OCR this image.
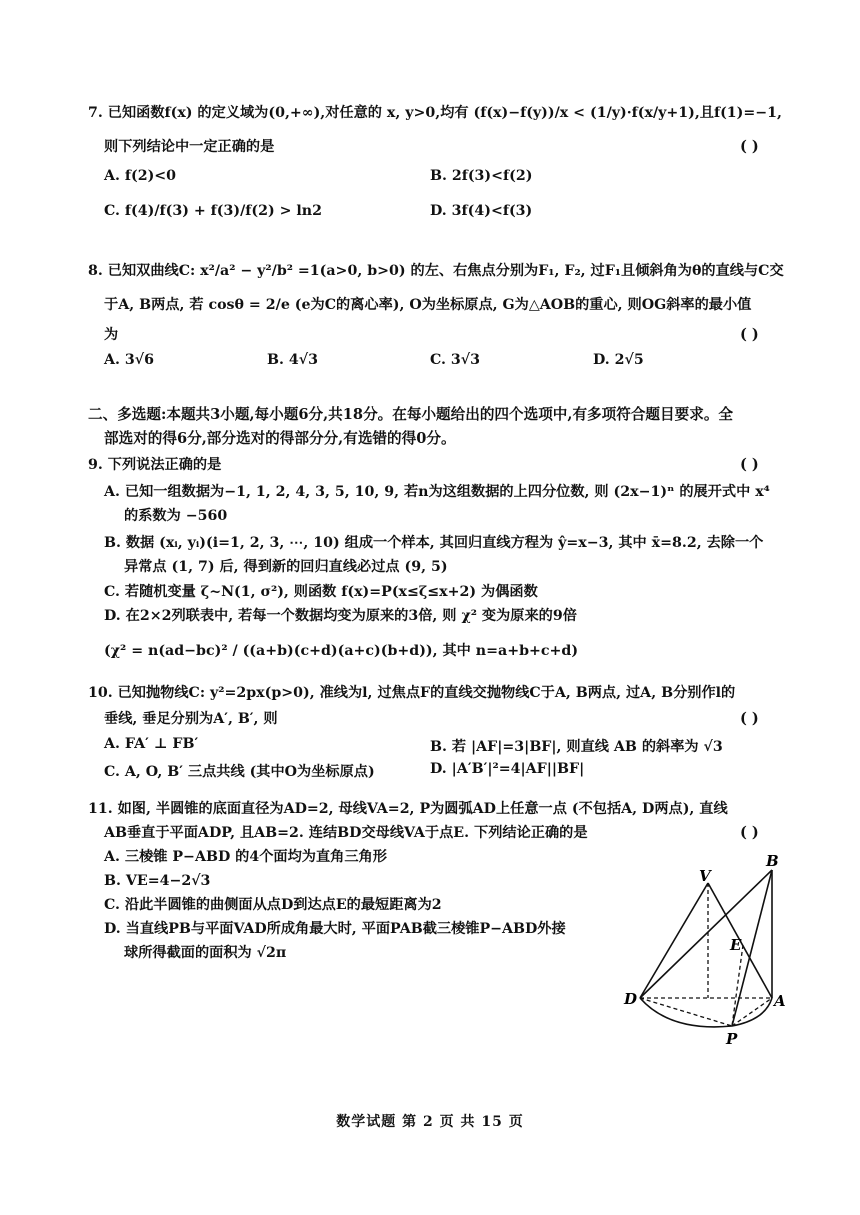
7. 已知函数f(x) 的定义域为(0,+∞),对任意的 x, y>0,均有 (f(x)−f(y))/x < (1/y)·f(x/y+1),且f(1)=−1,
则下列结论中一定正确的是	( )
A. f(2)<0	B. 2f(3)<f(2)
C. f(4)/f(3) + f(3)/f(2) > ln2	D. 3f(4)<f(3)
8. 已知双曲线C: x²/a² − y²/b² =1(a>0, b>0) 的左、右焦点分别为F₁, F₂, 过F₁且倾斜角为θ的直线与C交
于A, B两点, 若 cosθ = 2/e (e为C的离心率), O为坐标原点, G为△AOB的重心, 则OG斜率的最小值
为	( )
A. 3√6	B. 4√3	C. 3√3	D. 2√5
二、多选题:本题共3小题,每小题6分,共18分。在每小题给出的四个选项中,有多项符合题目要求。全
部选对的得6分,部分选对的得部分分,有选错的得0分。
9. 下列说法正确的是	( )
A. 已知一组数据为−1, 1, 2, 4, 3, 5, 10, 9, 若n为这组数据的上四分位数, 则 (2x−1)ⁿ 的展开式中 x⁴
的系数为 −560
B. 数据 (xᵢ, yᵢ)(i=1, 2, 3, ⋯, 10) 组成一个样本, 其回归直线方程为 ŷ=x−3, 其中 x̄=8.2, 去除一个
异常点 (1, 7) 后, 得到新的回归直线必过点 (9, 5)
C. 若随机变量 ζ~N(1, σ²), 则函数 f(x)=P(x≤ζ≤x+2) 为偶函数
D. 在2×2列联表中, 若每一个数据均变为原来的3倍, 则 χ² 变为原来的9倍
(χ² = n(ad−bc)² / ((a+b)(c+d)(a+c)(b+d)), 其中 n=a+b+c+d)
10. 已知抛物线C: y²=2px(p>0), 准线为l, 过焦点F的直线交抛物线C于A, B两点, 过A, B分别作l的
垂线, 垂足分别为A′, B′, 则	( )
A. FA′ ⊥ FB′	B. 若 |AF|=3|BF|, 则直线 AB 的斜率为 √3
C. A, O, B′ 三点共线 (其中O为坐标原点)	D. |A′B′|²=4|AF||BF|
11. 如图, 半圆锥的底面直径为AD=2, 母线VA=2, P为圆弧AD上任意一点 (不包括A, D两点), 直线
AB垂直于平面ADP, 且AB=2. 连结BD交母线VA于点E. 下列结论正确的是	( )
A. 三棱锥 P−ABD 的4个面均为直角三角形
B. VE=4−2√3
C. 沿此半圆锥的曲侧面从点D到达点E的最短距离为2
D. 当直线PB与平面VAD所成角最大时, 平面PAB截三棱锥P−ABD外接
球所得截面的面积为 √2π
V
B
E
D	A
P
数学试题 第 2 页 共 15 页
